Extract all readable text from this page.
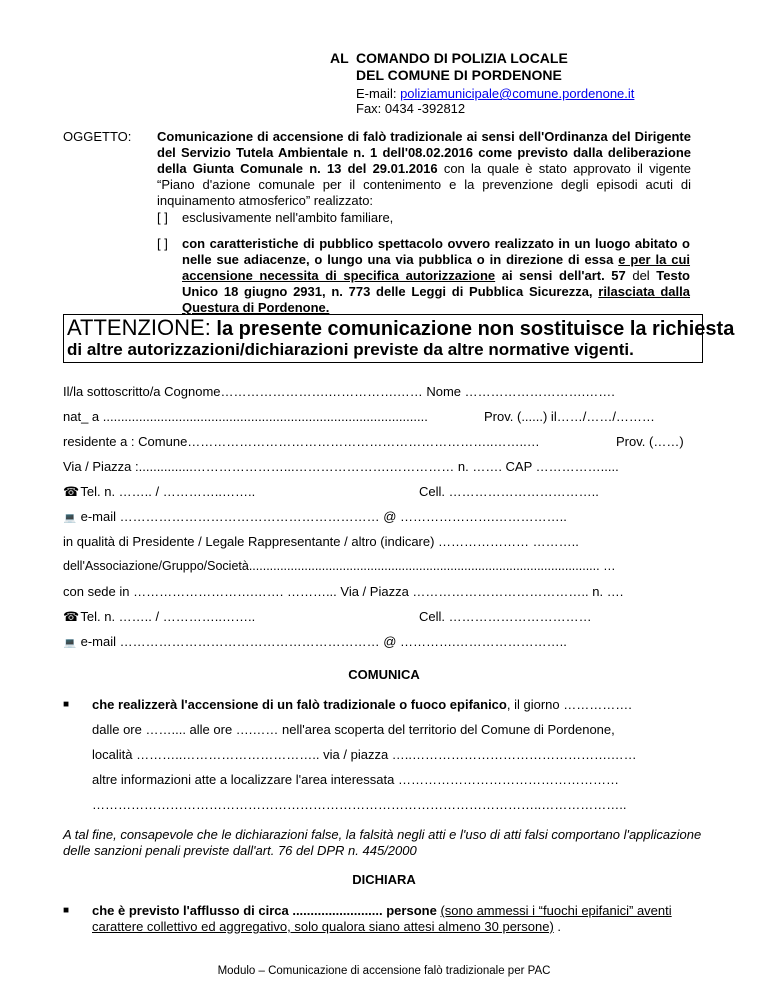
AL COMANDO DI POLIZIA LOCALE
DEL COMUNE DI PORDENONE
E-mail: poliziamunicipale@comune.pordenone.it
Fax: 0434 -392812
OGGETTO: Comunicazione di accensione di falò tradizionale ai sensi dell'Ordinanza del Dirigente del Servizio Tutela Ambientale n. 1 dell'08.02.2016 come previsto dalla deliberazione della Giunta Comunale n. 13 del 29.01.2016 con la quale è stato approvato il vigente “Piano d'azione comunale per il contenimento e la prevenzione degli episodi acuti di inquinamento atmosferico” realizzato:
[ ] esclusivamente nell'ambito familiare,
[ ] con caratteristiche di pubblico spettacolo ovvero realizzato in un luogo abitato o nelle sue adiacenze, o lungo una via pubblica o in direzione di essa e per la cui accensione necessita di specifica autorizzazione ai sensi dell'art. 57 del Testo Unico 18 giugno 2931, n. 773 delle Leggi di Pubblica Sicurezza, rilasciata dalla Questura di Pordenone.
ATTENZIONE: la presente comunicazione non sostituisce la richiesta
di altre autorizzazioni/dichiarazioni previste da altre normative vigenti.
Il/la sottoscritto/a Cognome…………………….…………….…… Nome ……………………….…….
nat_ a ..........................................................................................	Prov. (......) il……/……/………
residente a : Comune……………………………………………………………..……..…	Prov. (……)
Via / Piazza :...............…………………...………………….…………… n. ……. CAP …………….....
☎ Tel. n. …….. / …………..……..	Cell. ……………………………..
💻 e-mail …………………………………………………… @ ………………….……………..
in qualità di Presidente / Legale Rappresentante / altro (indicare) ………………… ………..
dell'Associazione/Gruppo/Società..................................................................................................... …
con sede in ……………………….……. ………... Via / Piazza ………………………………….. n. ….
☎ Tel. n. …….. / …………..……..	Cell. ……………………………
💻 e-mail …………………………………………………… @ ………….……………………..
COMUNICA
■ che realizzerà l'accensione di un falò tradizionale o fuoco epifanico, il giorno …………….
dalle ore …….... alle ore ….…… nell'area scoperta del territorio del Comune di Pordenone,
località ………..………………………….. via / piazza …..……………………………………….……
altre informazioni atte a localizzare l'area interessata ……………………………………………
…………………………………………………………………………………………..………………..
A tal fine, consapevole che le dichiarazioni false, la falsità negli atti e l'uso di atti falsi comportano l'applicazione delle sanzioni penali previste dall'art. 76 del DPR n. 445/2000
DICHIARA
■ che è previsto l'afflusso di circa ......................... persone (sono ammessi i “fuochi epifanici” aventi carattere collettivo ed aggregativo, solo qualora siano attesi almeno 30 persone) .
Modulo – Comunicazione di accensione falò tradizionale per PAC
